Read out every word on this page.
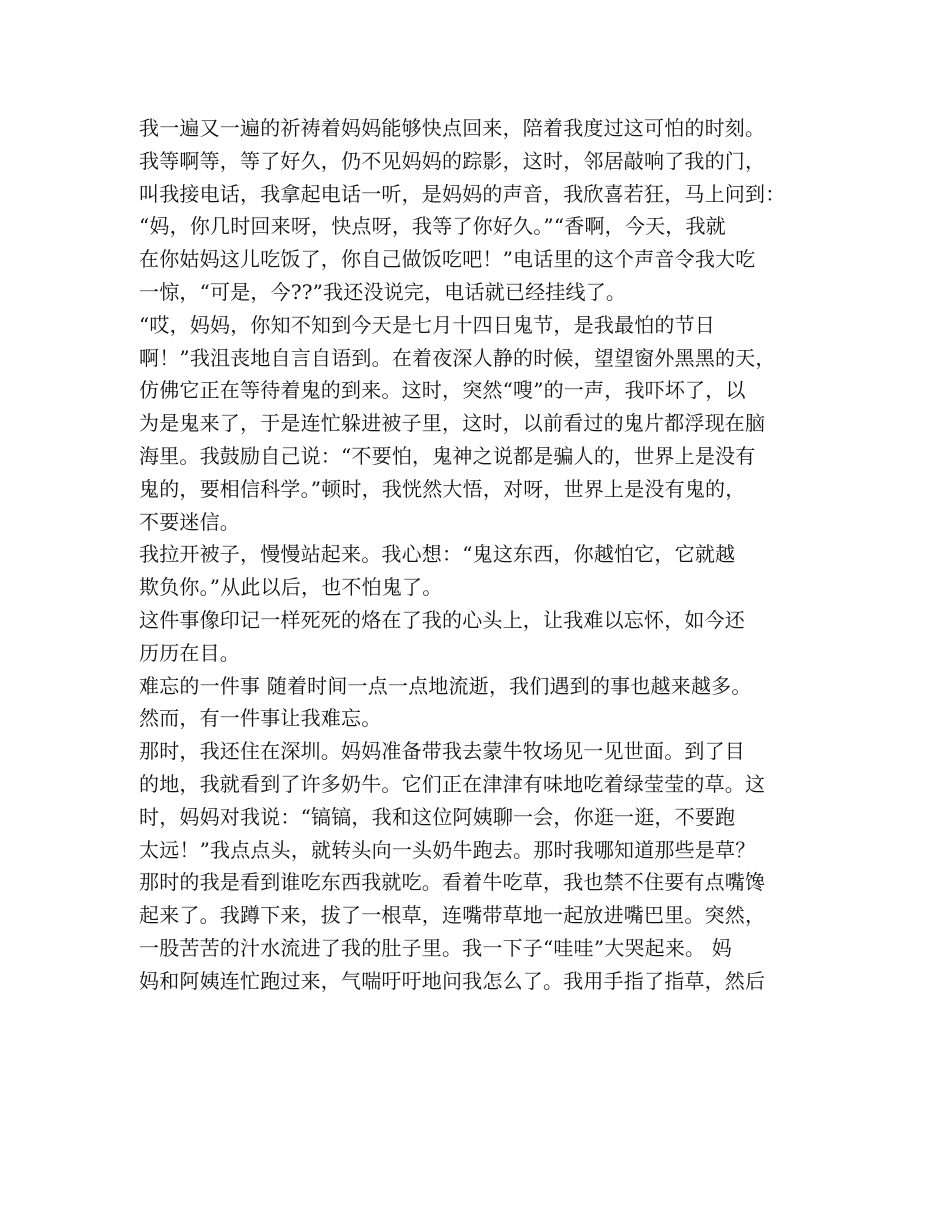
我一遍又一遍的祈祷着妈妈能够快点回来，陪着我度过这可怕的时刻。
我等啊等，等了好久，仍不见妈妈的踪影，这时，邻居敲响了我的门，
叫我接电话，我拿起电话一听，是妈妈的声音，我欣喜若狂，马上问到：
“妈，你几时回来呀，快点呀，我等了你好久。”“香啊，今天，我就
在你姑妈这儿吃饭了，你自己做饭吃吧！”电话里的这个声音令我大吃
一惊，“可是，今??”我还没说完，电话就已经挂线了。
“哎，妈妈，你知不知到今天是七月十四日鬼节，是我最怕的节日
啊！”我沮丧地自言自语到。在着夜深人静的时候，望望窗外黑黑的天，
仿佛它正在等待着鬼的到来。这时，突然“嗖”的一声，我吓坏了，以
为是鬼来了，于是连忙躲进被子里，这时，以前看过的鬼片都浮现在脑
海里。我鼓励自己说：“不要怕，鬼神之说都是骗人的，世界上是没有
鬼的，要相信科学。”顿时，我恍然大悟，对呀，世界上是没有鬼的，
不要迷信。
我拉开被子，慢慢站起来。我心想：“鬼这东西，你越怕它，它就越
欺负你。”从此以后，也不怕鬼了。
这件事像印记一样死死的烙在了我的心头上，让我难以忘怀，如今还
历历在目。
难忘的一件事 随着时间一点一点地流逝，我们遇到的事也越来越多。
然而，有一件事让我难忘。
那时，我还住在深圳。妈妈准备带我去蒙牛牧场见一见世面。到了目
的地，我就看到了许多奶牛。它们正在津津有味地吃着绿莹莹的草。这
时，妈妈对我说：“镐镐，我和这位阿姨聊一会，你逛一逛，不要跑
太远！”我点点头，就转头向一头奶牛跑去。那时我哪知道那些是草？
那时的我是看到谁吃东西我就吃。看着牛吃草，我也禁不住要有点嘴馋
起来了。我蹲下来，拔了一根草，连嘴带草地一起放进嘴巴里。突然，
一股苦苦的汁水流进了我的肚子里。我一下子“哇哇”大哭起来。 妈
妈和阿姨连忙跑过来，气喘吁吁地问我怎么了。我用手指了指草，然后
